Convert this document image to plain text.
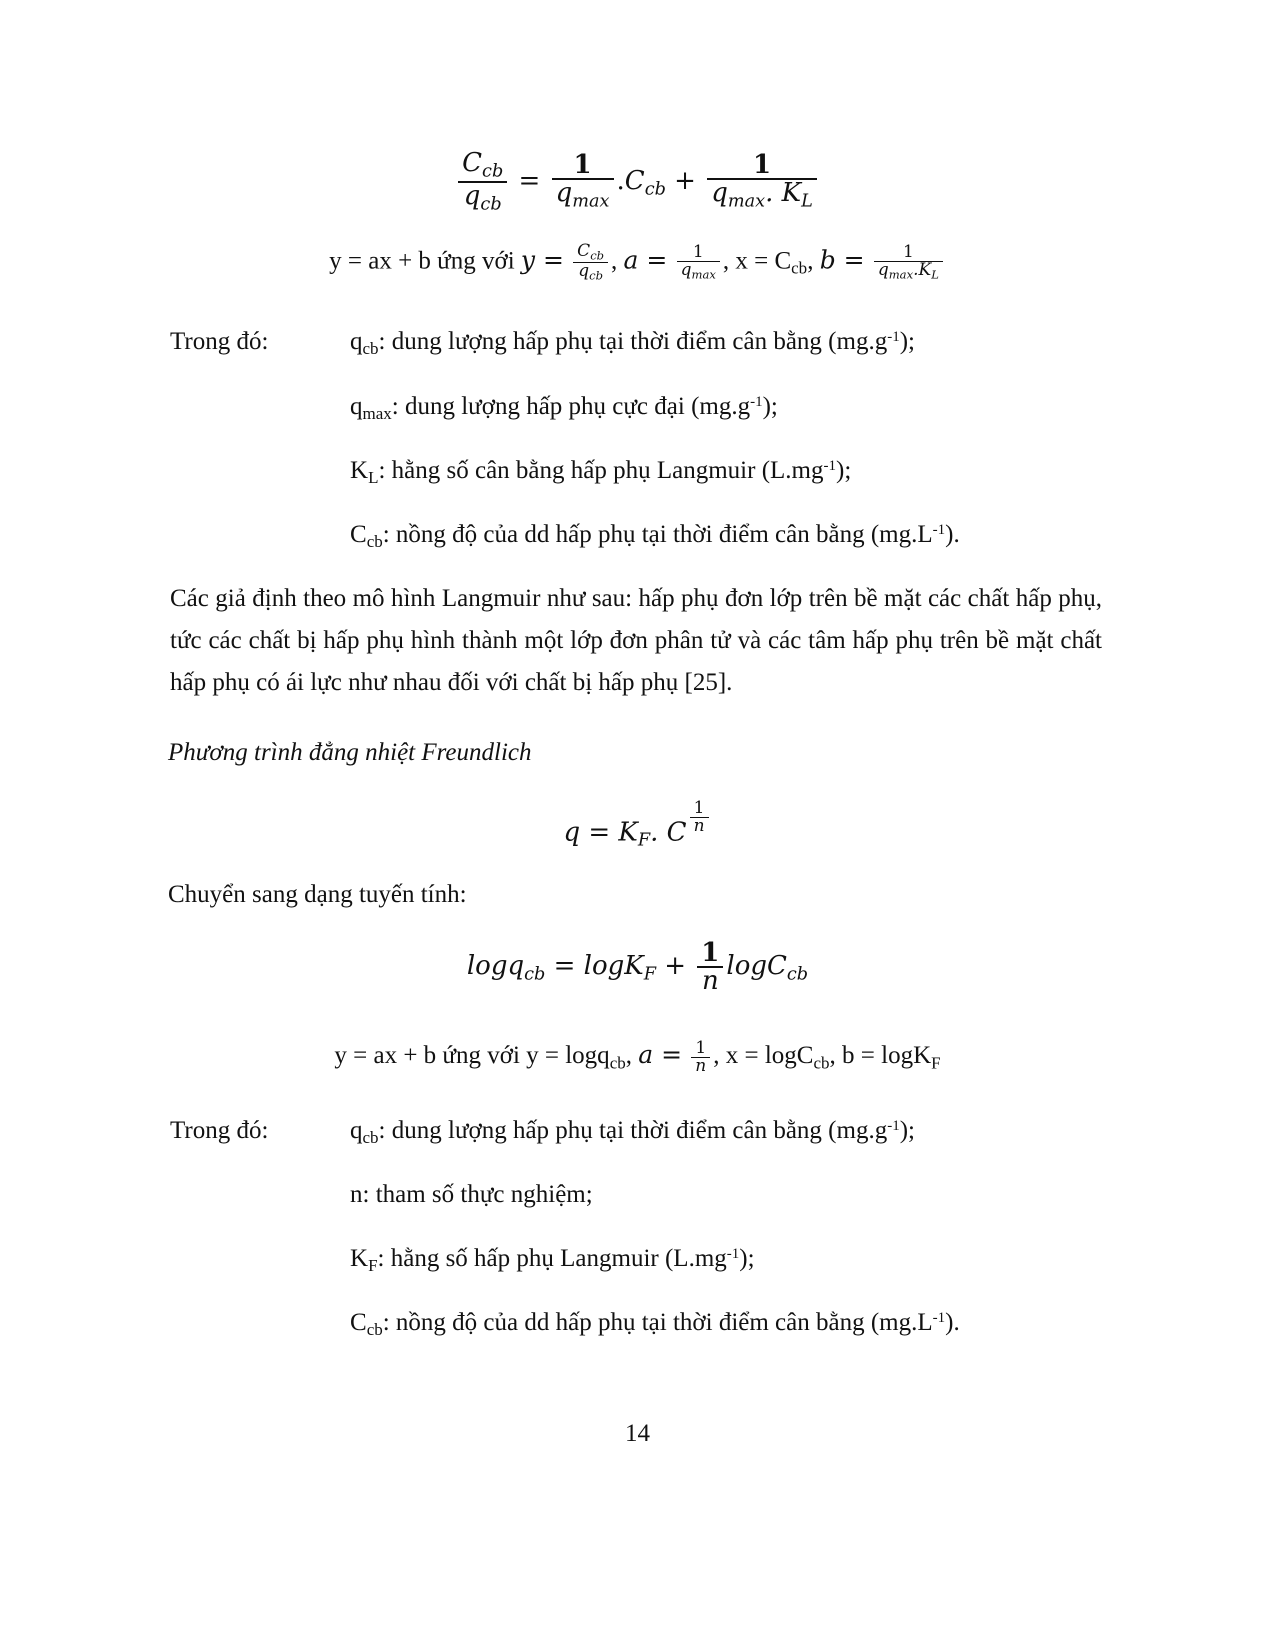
$\frac{C_{cb}}{q_{cb}} = \frac{1}{q_{max}} .C_{cb} + \frac{1}{q_{max}. K_L}$
y = ax + b ứng với $y = \frac{C_{cb}}{q_{cb}}$ , $a = \frac{1}{q_{max}}$ , $x = C_{cb}$, $b = \frac{1}{q_{max}.K_L}$
Trong đó:	$q_{cb}$: dung lượng hấp phụ tại thời điểm cân bằng $(mg.g^{-1})$;
$q_{max}$: dung lượng hấp phụ cực đại $(mg.g^{-1})$;
$K_L$: hằng số cân bằng hấp phụ Langmuir $(L.mg^{-1})$;
$C_{cb}$: nồng độ của dd hấp phụ tại thời điểm cân bằng $(mg.L^{-1})$.
Các giả định theo mô hình Langmuir như sau: hấp phụ đơn lớp trên bề mặt các chất hấp phụ, tức các chất bị hấp phụ hình thành một lớp đơn phân tử và các tâm hấp phụ trên bề mặt chất hấp phụ có ái lực như nhau đối với chất bị hấp phụ [25].
Phương trình đẳng nhiệt Freundlich
$q = K_F$. C $\frac{1}{n}$
Chuyển sang dạng tuyến tính:
$\log q_{cb} = \log K_F + \frac{1}{n} \log C_{cb}$
y = ax + b ứng với y = logq$_{cb}$, $a = \frac{1}{n}$ , x = logC$_{cb}$, b = logK$_F$
Trong đó:	$q_{cb}$: dung lượng hấp phụ tại thời điểm cân bằng $(mg.g^{-1})$;
n: tham số thực nghiệm;
$K_F$: hằng số hấp phụ Langmuir $(L.mg^{-1})$;
$C_{cb}$: nồng độ của dd hấp phụ tại thời điểm cân bằng $(mg.L^{-1})$.
14
